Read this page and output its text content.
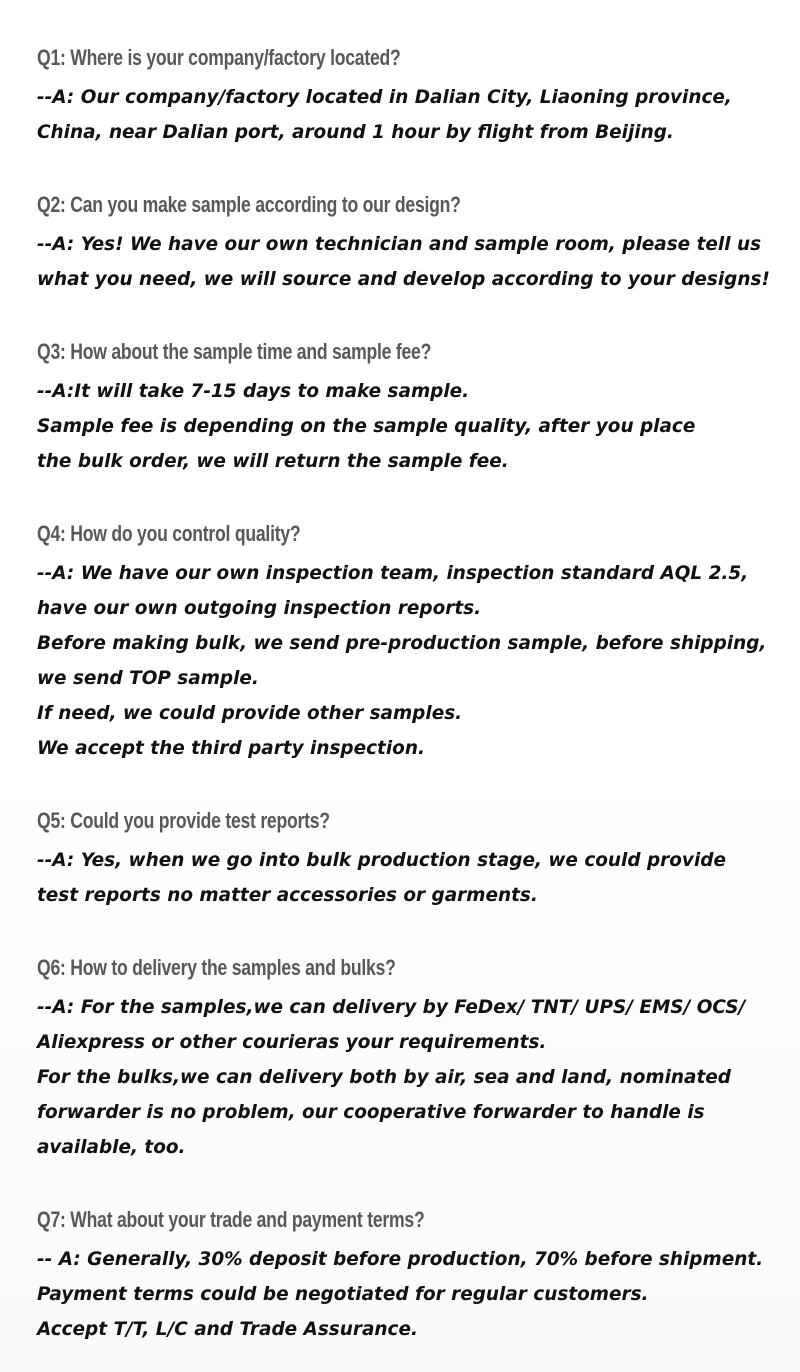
Q1: Where is your company/factory located?
--A: Our company/factory located in Dalian City, Liaoning province,
China, near Dalian port, around 1 hour by flight from Beijing.
Q2: Can you make sample according to our design?
--A: Yes! We have our own technician and sample room, please tell us
what you need, we will source and develop according to your designs!
Q3: How about the sample time and sample fee?
--A:It will take 7-15 days to make sample.
Sample fee is depending on the sample quality, after you place
the bulk order, we will return the sample fee.
Q4: How do you control quality?
--A: We have our own inspection team, inspection standard AQL 2.5,
have our own outgoing inspection reports.
Before making bulk, we send pre-production sample, before shipping,
we send TOP sample.
If need, we could provide other samples.
We accept the third party inspection.
Q5: Could you provide test reports?
--A: Yes, when we go into bulk production stage, we could provide
test reports no matter accessories or garments.
Q6: How to delivery the samples and bulks?
--A: For the samples,we can delivery by FeDex/ TNT/ UPS/ EMS/ OCS/
Aliexpress or other courieras your requirements.
For the bulks,we can delivery both by air, sea and land, nominated
forwarder is no problem, our cooperative forwarder to handle is
available, too.
Q7: What about your trade and payment terms?
-- A: Generally, 30% deposit before production, 70% before shipment.
Payment terms could be negotiated for regular customers.
Accept T/T, L/C and Trade Assurance.
